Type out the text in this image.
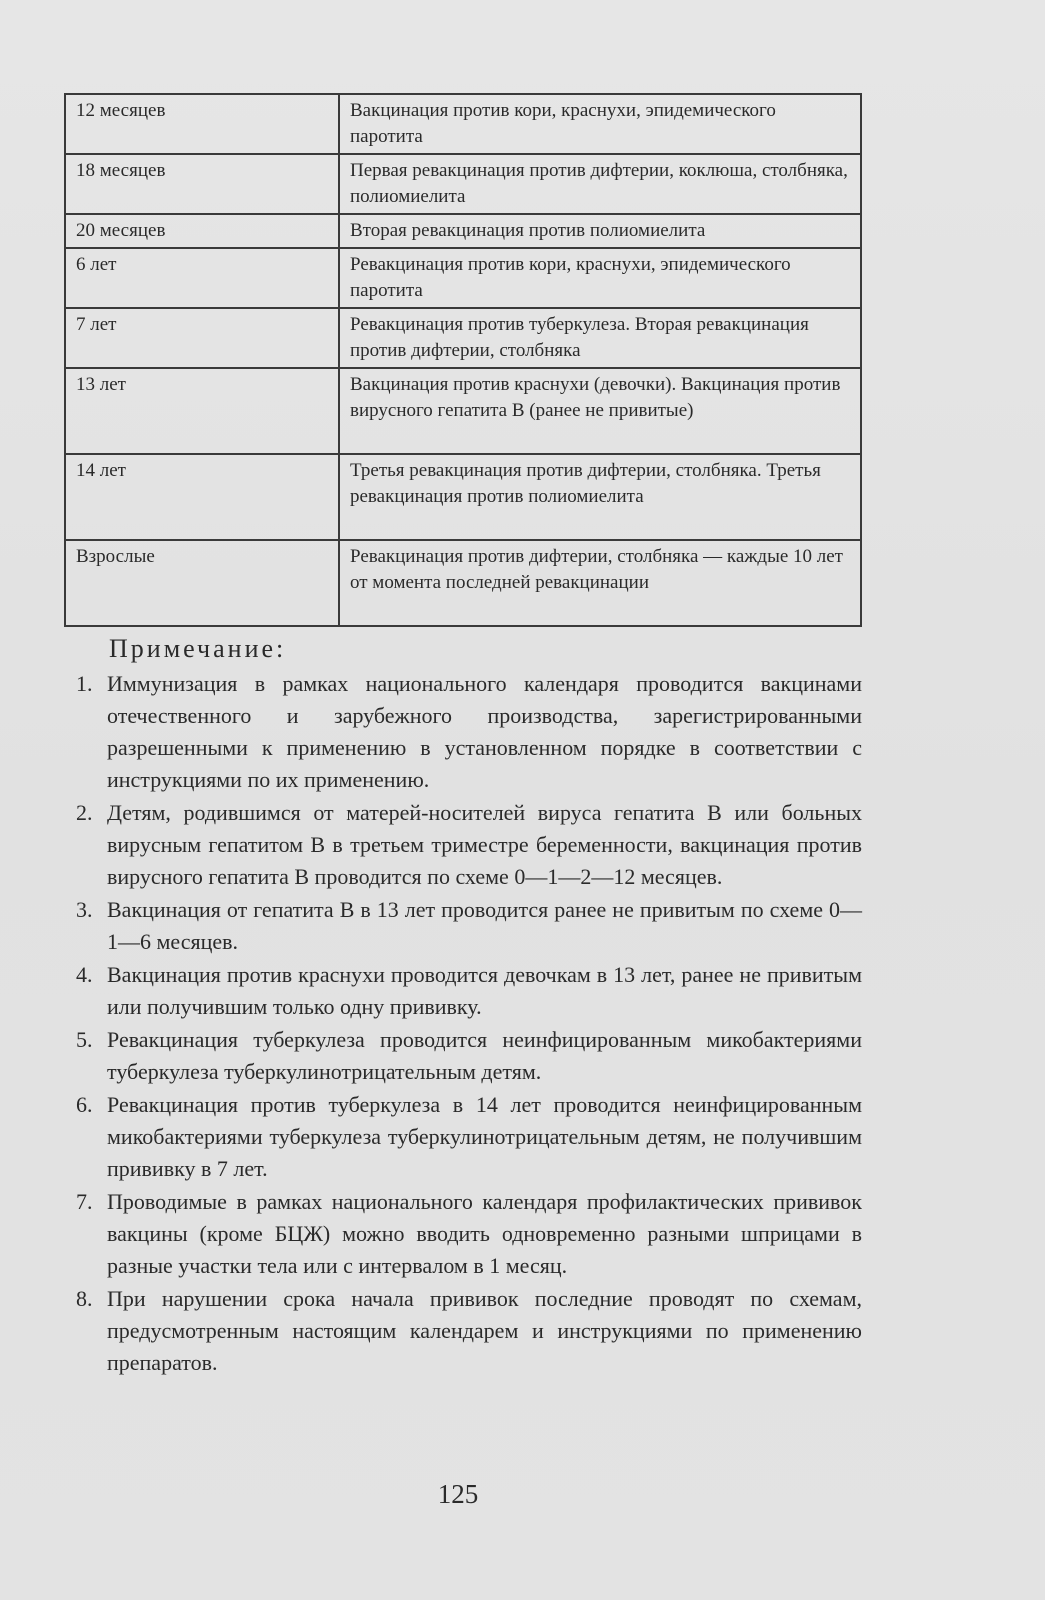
12 месяцев	Вакцинация против кори, краснухи, эпидемического паротита
18 месяцев	Первая ревакцинация против дифтерии, коклюша, столбняка, полиомиелита
20 месяцев	Вторая ревакцинация против полиомиелита
6 лет	Ревакцинация против кори, краснухи, эпидемического паротита
7 лет	Ревакцинация против туберкулеза. Вторая ревакцинация против дифтерии, столбняка
13 лет	Вакцинация против краснухи (девочки). Вакцинация против вирусного гепатита В (ранее не привитые)
14 лет	Третья ревакцинация против дифтерии, столбняка. Третья ревакцинация против полиомиелита
Взрослые	Ревакцинация против дифтерии, столбняка — каждые 10 лет от момента последней ревакцинации
Примечание:
1. Иммунизация в рамках национального календаря проводится вакцинами отечественного и зарубежного производства, зарегистрированными разрешенными к применению в установленном порядке в соответствии с инструкциями по их применению.
2. Детям, родившимся от матерей-носителей вируса гепатита В или больных вирусным гепатитом В в третьем триместре беременности, вакцинация против вирусного гепатита В проводится по схеме 0—1—2—12 месяцев.
3. Вакцинация от гепатита В в 13 лет проводится ранее не привитым по схеме 0—1—6 месяцев.
4. Вакцинация против краснухи проводится девочкам в 13 лет, ранее не привитым или получившим только одну прививку.
5. Ревакцинация туберкулеза проводится неинфицированным микобактериями туберкулеза туберкулинотрицательным детям.
6. Ревакцинация против туберкулеза в 14 лет проводится неинфицированным микобактериями туберкулеза туберкулинотрицательным детям, не получившим прививку в 7 лет.
7. Проводимые в рамках национального календаря профилактических прививок вакцины (кроме БЦЖ) можно вводить одновременно разными шприцами в разные участки тела или с интервалом в 1 месяц.
8. При нарушении срока начала прививок последние проводят по схемам, предусмотренным настоящим календарем и инструкциями по применению препаратов.
125
